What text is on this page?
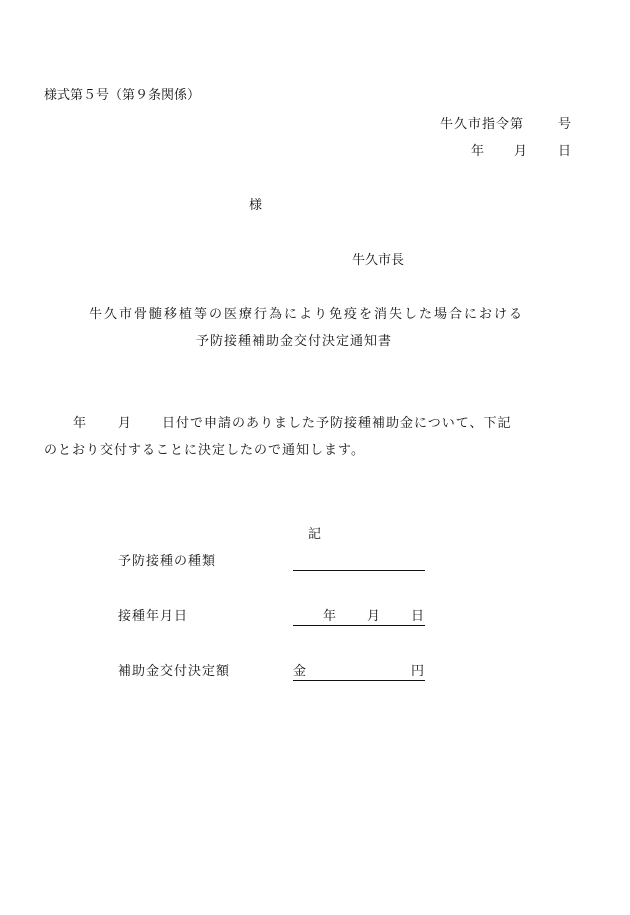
様式第５号（第９条関係）
牛久市指令第	号
年 月 日
様
牛久市長
牛久市骨髄移植等の医療行為により免疫を消失した場合における
予防接種補助金交付決定通知書
年 月 日付で申請のありました予防接種補助金について、下記
のとおり交付することに決定したので通知します。
記
予防接種の種類
接種年月日	年 月 日
補助金交付決定額	金	円
